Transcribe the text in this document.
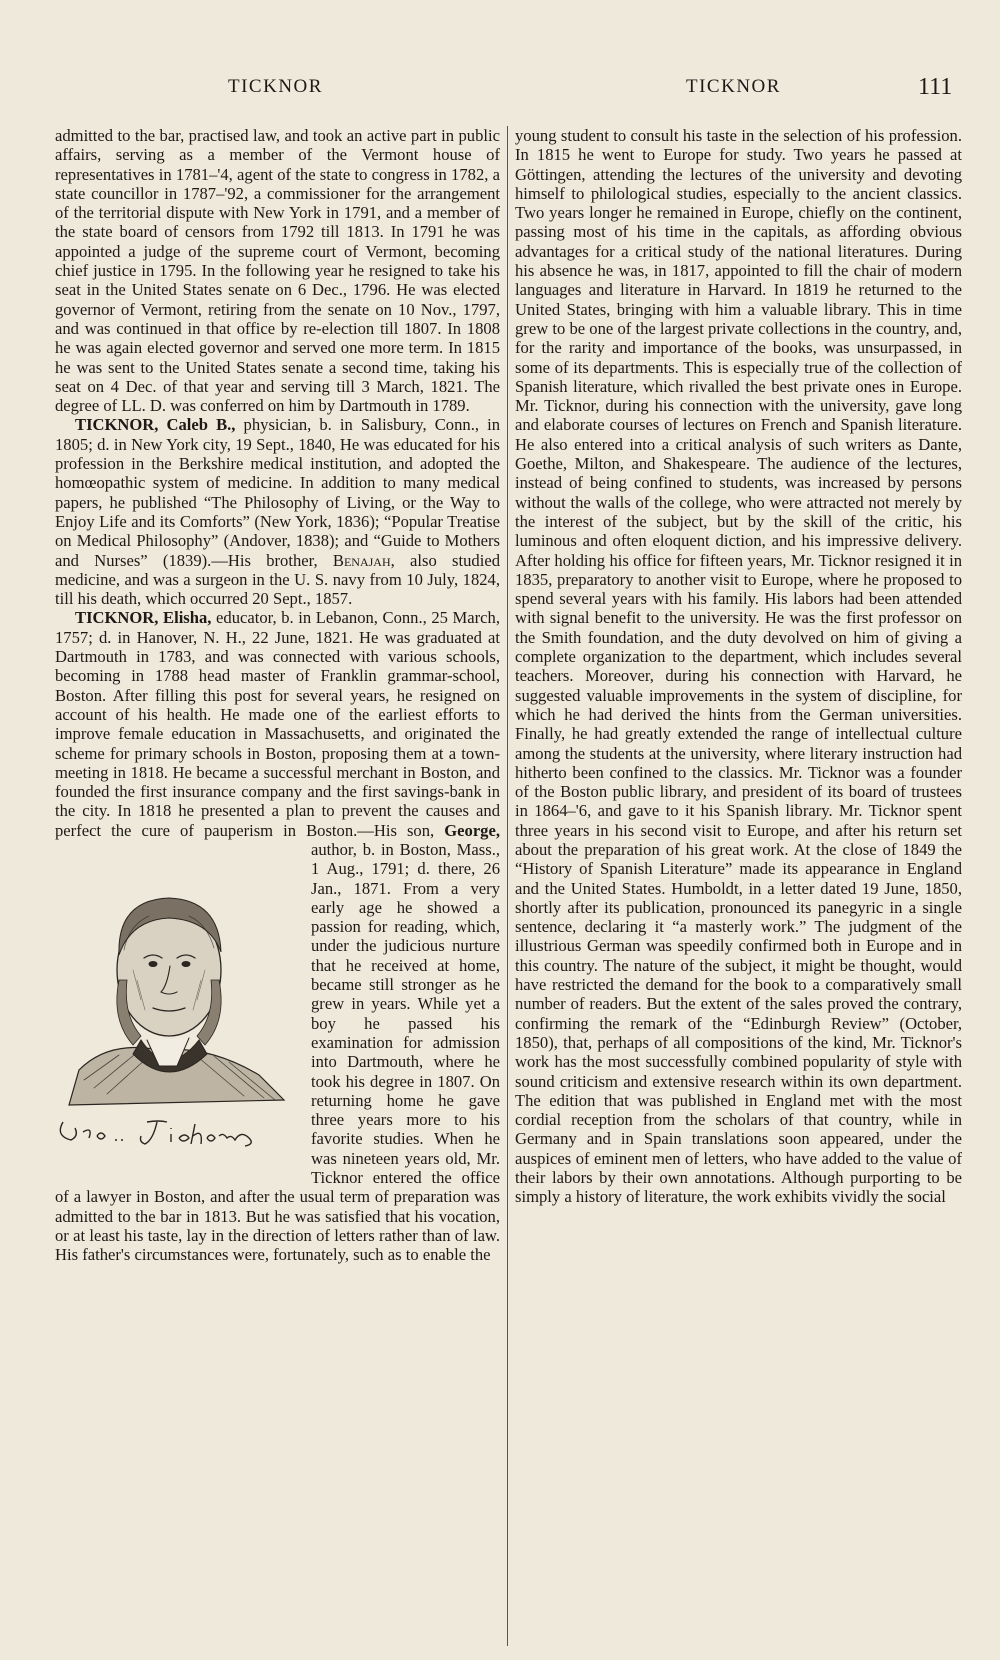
TICKNOR	TICKNOR	111

admitted to the bar, practised law, and took an active part in public affairs, serving as a member of the Vermont house of representatives in 1781–'4, agent of the state to congress in 1782, a state councillor in 1787–'92, a commissioner for the arrangement of the territorial dispute with New York in 1791, and a member of the state board of censors from 1792 till 1813. In 1791 he was appointed a judge of the supreme court of Vermont, becoming chief justice in 1795. In the following year he resigned to take his seat in the United States senate on 6 Dec., 1796. He was elected governor of Vermont, retiring from the senate on 10 Nov., 1797, and was continued in that office by re-election till 1807. In 1808 he was again elected governor and served one more term. In 1815 he was sent to the United States senate a second time, taking his seat on 4 Dec. of that year and serving till 3 March, 1821. The degree of LL. D. was conferred on him by Dartmouth in 1789.

TICKNOR, Caleb B., physician, b. in Salisbury, Conn., in 1805; d. in New York city, 19 Sept., 1840, He was educated for his profession in the Berkshire medical institution, and adopted the homœopathic system of medicine. In addition to many medical papers, he published “The Philosophy of Living, or the Way to Enjoy Life and its Comforts” (New York, 1836); “Popular Treatise on Medical Philosophy” (Andover, 1838); and “Guide to Mothers and Nurses” (1839).—His brother, Benajah, also studied medicine, and was a surgeon in the U. S. navy from 10 July, 1824, till his death, which occurred 20 Sept., 1857.

TICKNOR, Elisha, educator, b. in Lebanon, Conn., 25 March, 1757; d. in Hanover, N. H., 22 June, 1821. He was graduated at Dartmouth in 1783, and was connected with various schools, becoming in 1788 head master of Franklin grammar-school, Boston. After filling this post for several years, he resigned on account of his health. He made one of the earliest efforts to improve female education in Massachusetts, and originated the scheme for primary schools in Boston, proposing them at a town-meeting in 1818. He became a successful merchant in Boston, and founded the first insurance company and the first savings-bank in the city. In 1818 he presented a plan to prevent the causes and perfect the cure of pauperism in Boston.—His son, George,
author, b. in Boston, Mass., 1 Aug., 1791; d. there, 26 Jan., 1871. From a very early age he showed a passion for reading, which, under the judicious nurture that he received at home, became still stronger as he grew in years. While yet a boy he passed his examination for admission into Dartmouth, where he took his degree in 1807. On returning home he gave three years more to his favorite studies. When he was nineteen years old, Mr. Ticknor entered the office of a lawyer in Boston, and after the usual term of preparation was admitted to the bar in 1813. But he was satisfied that his vocation, or at least his taste, lay in the direction of letters rather than of law. His father's circumstances were, fortunately, such as to enable the

young student to consult his taste in the selection of his profession. In 1815 he went to Europe for study. Two years he passed at Göttingen, attending the lectures of the university and devoting himself to philological studies, especially to the ancient classics. Two years longer he remained in Europe, chiefly on the continent, passing most of his time in the capitals, as affording obvious advantages for a critical study of the national literatures. During his absence he was, in 1817, appointed to fill the chair of modern languages and literature in Harvard. In 1819 he returned to the United States, bringing with him a valuable library. This in time grew to be one of the largest private collections in the country, and, for the rarity and importance of the books, was unsurpassed, in some of its departments. This is especially true of the collection of Spanish literature, which rivalled the best private ones in Europe. Mr. Ticknor, during his connection with the university, gave long and elaborate courses of lectures on French and Spanish literature. He also entered into a critical analysis of such writers as Dante, Goethe, Milton, and Shakespeare. The audience of the lectures, instead of being confined to students, was increased by persons without the walls of the college, who were attracted not merely by the interest of the subject, but by the skill of the critic, his luminous and often eloquent diction, and his impressive delivery. After holding his office for fifteen years, Mr. Ticknor resigned it in 1835, preparatory to another visit to Europe, where he proposed to spend several years with his family. His labors had been attended with signal benefit to the university. He was the first professor on the Smith foundation, and the duty devolved on him of giving a complete organization to the department, which includes several teachers. Moreover, during his connection with Harvard, he suggested valuable improvements in the system of discipline, for which he had derived the hints from the German universities. Finally, he had greatly extended the range of intellectual culture among the students at the university, where literary instruction had hitherto been confined to the classics. Mr. Ticknor was a founder of the Boston public library, and president of its board of trustees in 1864–'6, and gave to it his Spanish library. Mr. Ticknor spent three years in his second visit to Europe, and after his return set about the preparation of his great work. At the close of 1849 the “History of Spanish Literature” made its appearance in England and the United States. Humboldt, in a letter dated 19 June, 1850, shortly after its publication, pronounced its panegyric in a single sentence, declaring it “a masterly work.” The judgment of the illustrious German was speedily confirmed both in Europe and in this country. The nature of the subject, it might be thought, would have restricted the demand for the book to a comparatively small number of readers. But the extent of the sales proved the contrary, confirming the remark of the “Edinburgh Review” (October, 1850), that, perhaps of all compositions of the kind, Mr. Ticknor's work has the most successfully combined popularity of style with sound criticism and extensive research within its own department. The edition that was published in England met with the most cordial reception from the scholars of that country, while in Germany and in Spain translations soon appeared, under the auspices of eminent men of letters, who have added to the value of their labors by their own annotations. Although purporting to be simply a history of literature, the work exhibits vividly the social
